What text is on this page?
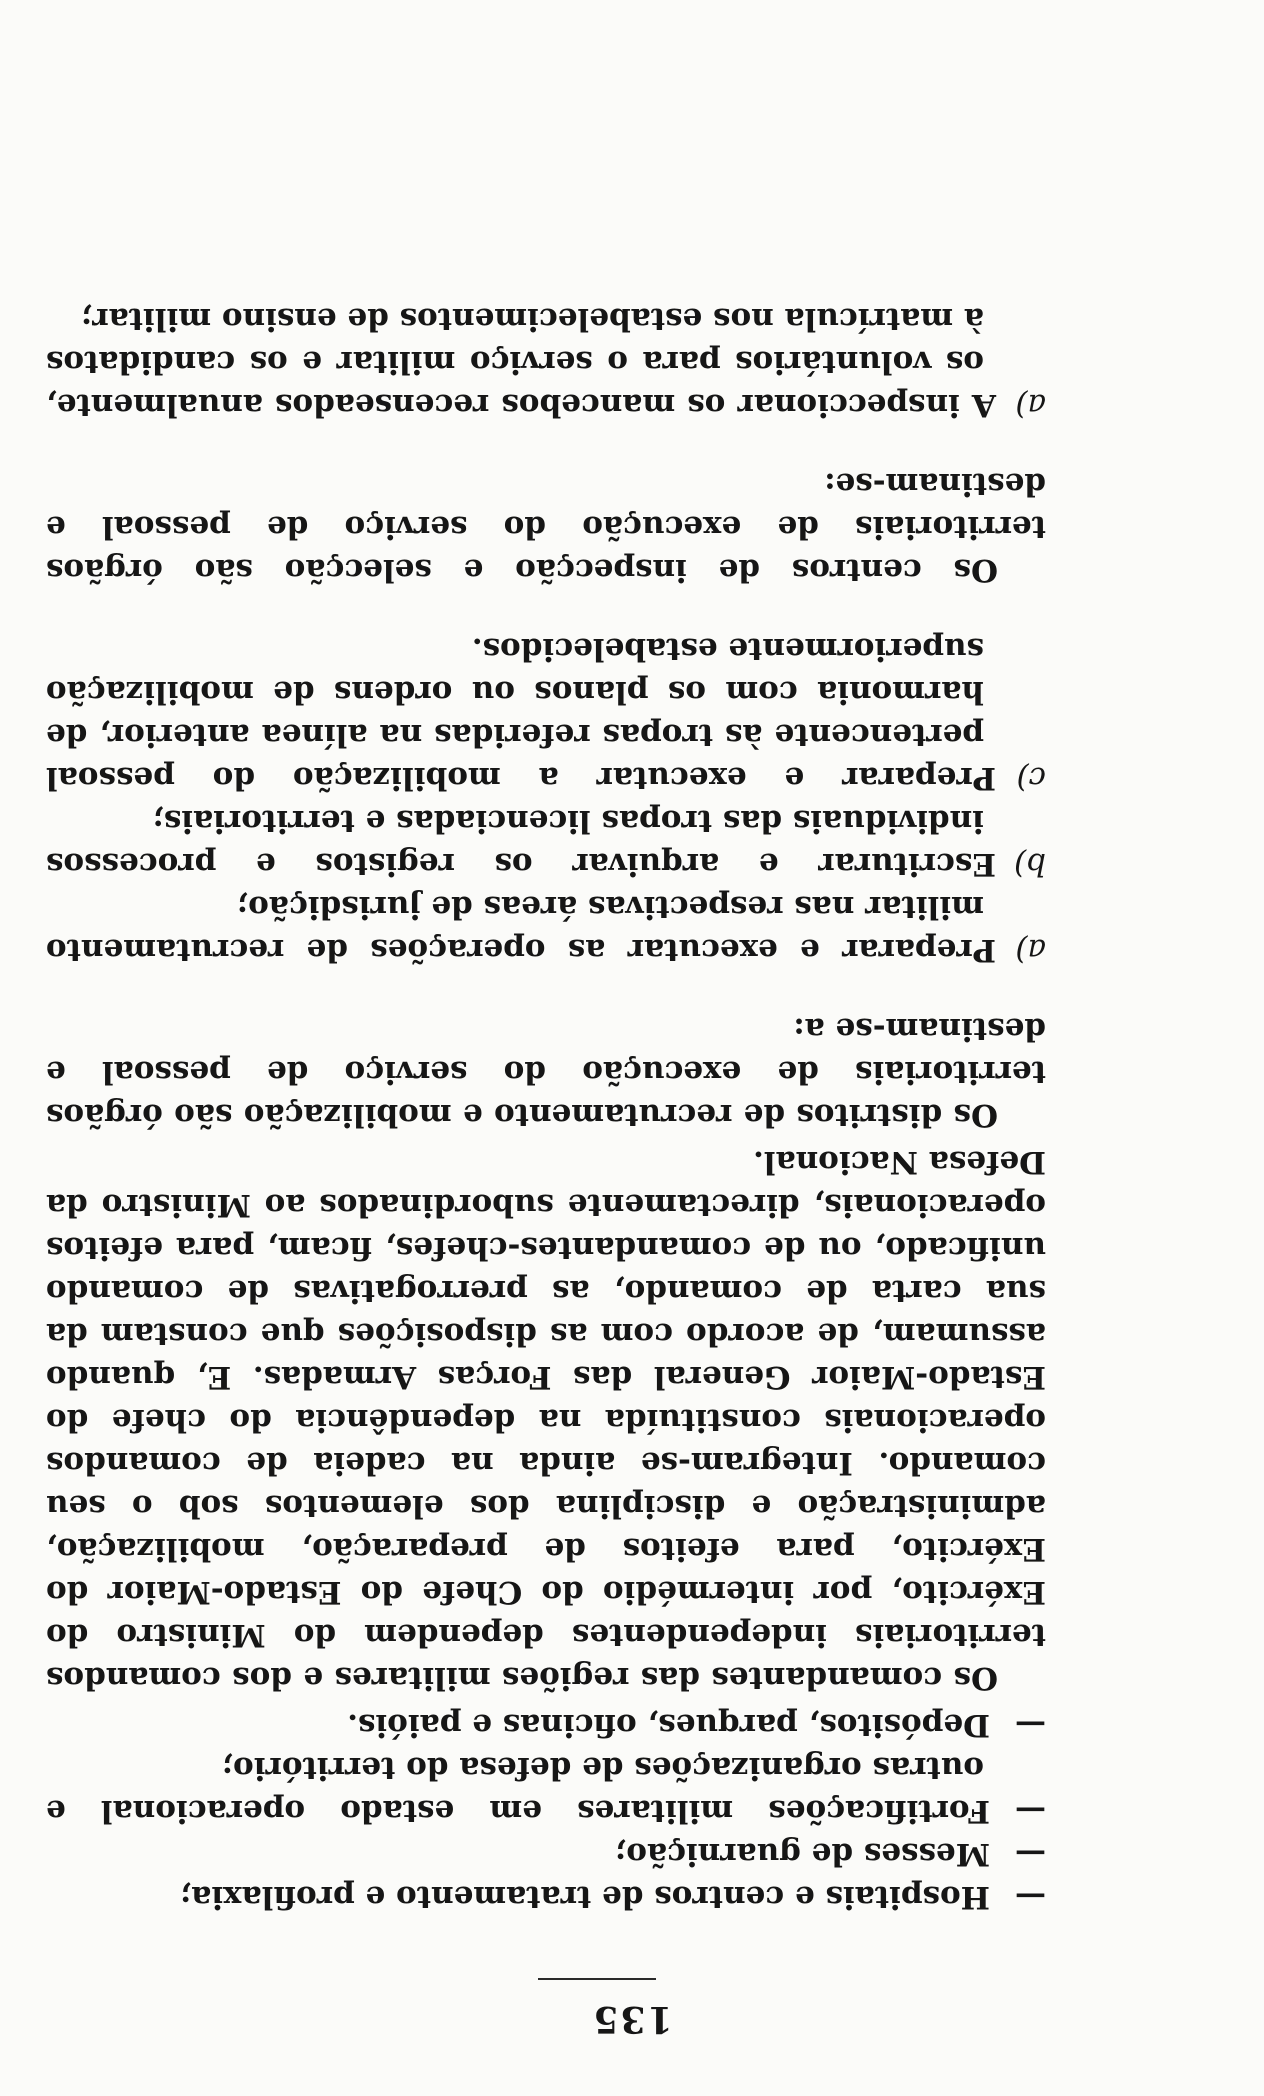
135

—Hospitais e centros de tratamento e profilaxia;

—Messes de guarnição;

—Fortificações militares em estado operacional e outras organizações de defesa do território;

—Depósitos, parques, oficinas e paióis.

Os comandantes das regiões militares e dos comandos territoriais independentes dependem do Ministro do Exército, por intermédio do Chefe do Estado-Maior do Exército, para efeitos de preparação, mobilização, administração e disciplina dos elementos sob o seu comando. Integram-se ainda na cadeia de comandos operacionais constituída na dependência do chefe do Estado-Maior General das Forças Armadas. E, quando assumam, de acordo com as disposições que constam da sua carta de comando, as prerrogativas de comando unificado, ou de comandantes-chefes, ficam, para efeitos operacionais, directamente subordinados ao Ministro da Defesa Nacional.

Os distritos de recrutamento e mobilização são órgãos territoriais de execução do serviço de pessoal e destinam-se a:

a)Preparar e executar as operações de recrutamento militar nas respectivas áreas de jurisdição;

b)Escriturar e arquivar os registos e processos individuais das tropas licenciadas e territoriais;

c)Preparar e executar a mobilização do pessoal pertencente às tropas referidas na alínea anterior, de harmonia com os planos ou ordens de mobilização superiormente estabelecidos.

Os centros de inspecção e selecção são órgãos territoriais de execução do serviço de pessoal e destinam-se:

a)A inspeccionar os mancebos recenseados anualmente, os voluntários para o serviço militar e os candidatos à matrícula nos estabelecimentos de ensino militar;
